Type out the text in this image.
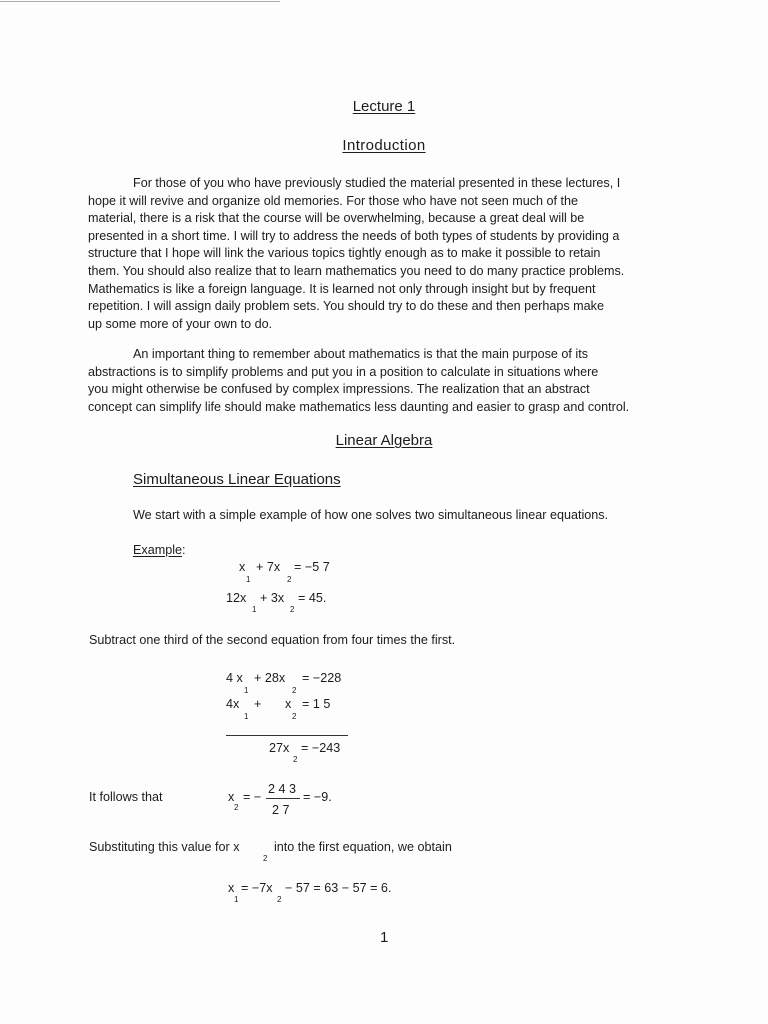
Lecture 1
Introduction
For those of you who have previously studied the material presented in these lectures, I
hope it will revive and organize old memories. For those who have not seen much of the
material, there is a risk that the course will be overwhelming, because a great deal will be
presented in a short time. I will try to address the needs of both types of students by providing a
structure that I hope will link the various topics tightly enough as to make it possible to retain
them. You should also realize that to learn mathematics you need to do many practice problems.
Mathematics is like a foreign language. It is learned not only through insight but by frequent
repetition. I will assign daily problem sets. You should try to do these and then perhaps make
up some more of your own to do.
An important thing to remember about mathematics is that the main purpose of its
abstractions is to simplify problems and put you in a position to calculate in situations where
you might otherwise be confused by complex impressions. The realization that an abstract
concept can simplify life should make mathematics less daunting and easier to grasp and control.
Linear Algebra
Simultaneous Linear Equations
We start with a simple example of how one solves two simultaneous linear equations.
Example:
x
1
+ 7x
2
= −5 7
12x
1
+ 3x
2
= 45.
Subtract one third of the second equation from four times the first.
4 x
1
+ 28x
2
= −228
4x
1
+ x
2
= 1 5
27x
2
= −243
It follows that	x
2
= −
2 4 3
2 7
= −9.
Substituting this value for x
2
into the first equation, we obtain
x
1
= −7x
2
− 57 = 63 − 57 = 6.
1
